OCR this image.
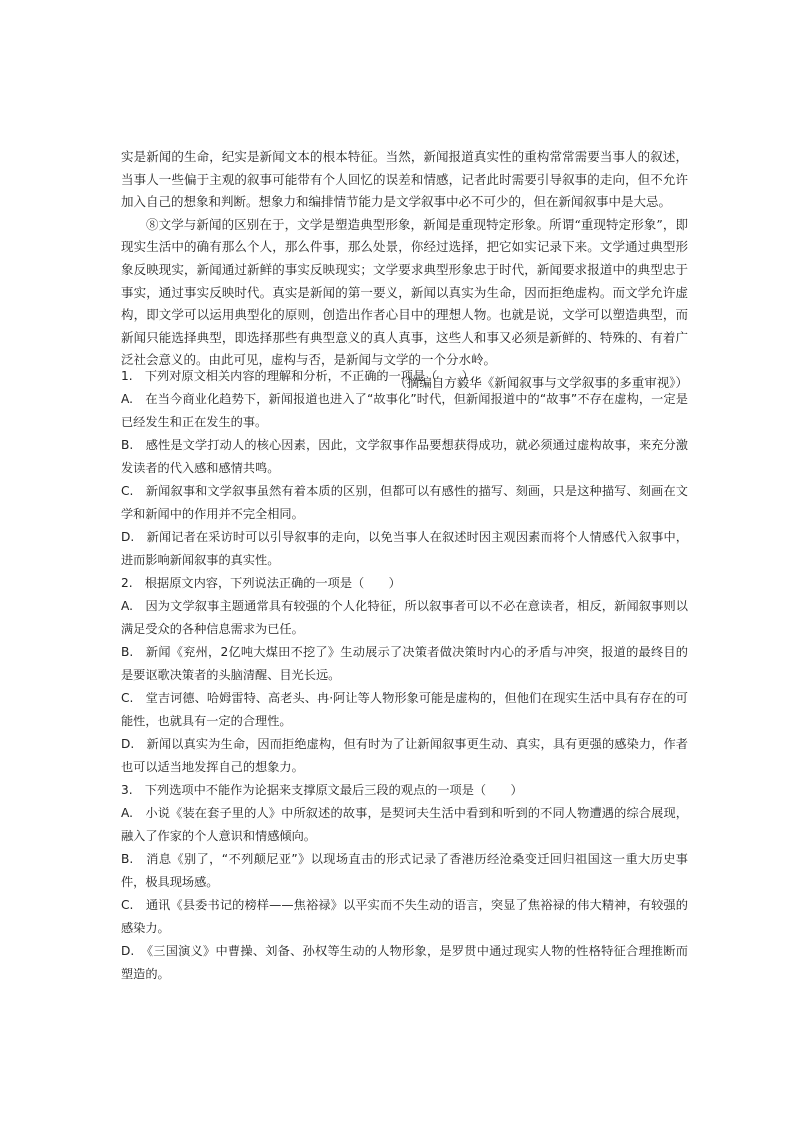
实是新闻的生命，纪实是新闻文本的根本特征。当然，新闻报道真实性的重构常常需要当事人的叙述，当事人一些偏于主观的叙事可能带有个人回忆的误差和情感，记者此时需要引导叙事的走向，但不允许加入自己的想象和判断。想象力和编排情节能力是文学叙事中必不可少的，但在新闻叙事中是大忌。

⑧文学与新闻的区别在于，文学是塑造典型形象，新闻是重现特定形象。所谓“重现特定形象”，即现实生活中的确有那么个人，那么件事，那么处景，你经过选择，把它如实记录下来。文学通过典型形象反映现实，新闻通过新鲜的事实反映现实；文学要求典型形象忠于时代，新闻要求报道中的典型忠于事实，通过事实反映时代。真实是新闻的第一要义，新闻以真实为生命，因而拒绝虚构。而文学允许虚构，即文学可以运用典型化的原则，创造出作者心目中的理想人物。也就是说，文学可以塑造典型，而新闻只能选择典型，即选择那些有典型意义的真人真事，这些人和事又必须是新鲜的、特殊的、有着广泛社会意义的。由此可见，虚构与否，是新闻与文学的一个分水岭。

（摘编自方毅华《新闻叙事与文学叙事的多重审视》）

1.　下列对原文相关内容的理解和分析，不正确的一项是（　　）

A.　在当今商业化趋势下，新闻报道也进入了“故事化”时代，但新闻报道中的“故事”不存在虚构，一定是已经发生和正在发生的事。

B.　感性是文学打动人的核心因素，因此，文学叙事作品要想获得成功，就必须通过虚构故事，来充分激发读者的代入感和感情共鸣。

C.　新闻叙事和文学叙事虽然有着本质的区别，但都可以有感性的描写、刻画，只是这种描写、刻画在文学和新闻中的作用并不完全相同。

D.　新闻记者在采访时可以引导叙事的走向，以免当事人在叙述时因主观因素而将个人情感代入叙事中，进而影响新闻叙事的真实性。

2.　根据原文内容，下列说法正确的一项是（　　）

A.　因为文学叙事主题通常具有较强的个人化特征，所以叙事者可以不必在意读者，相反，新闻叙事则以满足受众的各种信息需求为已任。

B.　新闻《兖州，2亿吨大煤田不挖了》生动展示了决策者做决策时内心的矛盾与冲突，报道的最终目的是要讴歌决策者的头脑清醒、目光长远。

C.　堂吉诃德、哈姆雷特、高老头、冉·阿让等人物形象可能是虚构的，但他们在现实生活中具有存在的可能性，也就具有一定的合理性。

D.　新闻以真实为生命，因而拒绝虚构，但有时为了让新闻叙事更生动、真实，具有更强的感染力，作者也可以适当地发挥自己的想象力。

3.　下列选项中不能作为论据来支撑原文最后三段的观点的一项是（　　）

A.　小说《装在套子里的人》中所叙述的故事，是契诃夫生活中看到和听到的不同人物遭遇的综合展现，融入了作家的个人意识和情感倾向。

B.　消息《别了，“不列颠尼亚”》以现场直击的形式记录了香港历经沧桑变迁回归祖国这一重大历史事件，极具现场感。

C.　通讯《县委书记的榜样——焦裕禄》以平实而不失生动的语言，突显了焦裕禄的伟大精神，有较强的感染力。

D.　《三国演义》中曹操、刘备、孙权等生动的人物形象，是罗贯中通过现实人物的性格特征合理推断而塑造的。
